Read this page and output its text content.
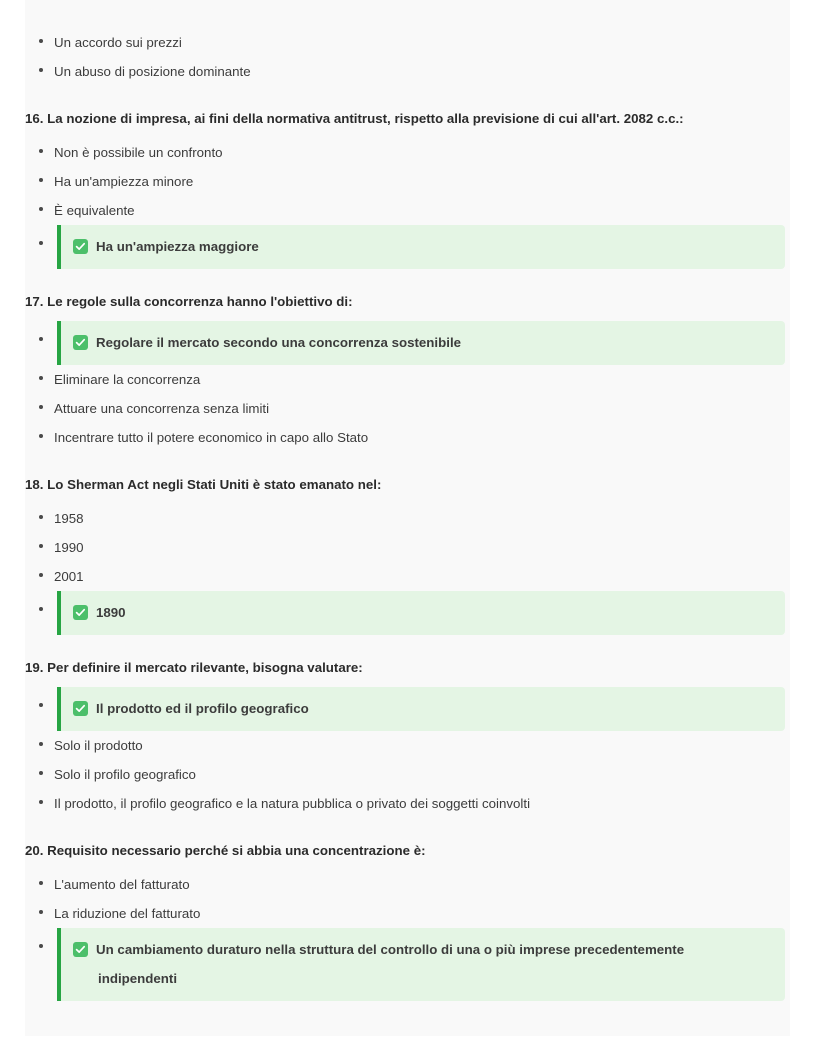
Un accordo sui prezzi
Un abuso di posizione dominante
16. La nozione di impresa, ai fini della normativa antitrust, rispetto alla previsione di cui all'art. 2082 c.c.:
Non è possibile un confronto
Ha un'ampiezza minore
È equivalente
Ha un'ampiezza maggiore
17. Le regole sulla concorrenza hanno l'obiettivo di:
Regolare il mercato secondo una concorrenza sostenibile
Eliminare la concorrenza
Attuare una concorrenza senza limiti
Incentrare tutto il potere economico in capo allo Stato
18. Lo Sherman Act negli Stati Uniti è stato emanato nel:
1958
1990
2001
1890
19. Per definire il mercato rilevante, bisogna valutare:
Il prodotto ed il profilo geografico
Solo il prodotto
Solo il profilo geografico
Il prodotto, il profilo geografico e la natura pubblica o privato dei soggetti coinvolti
20. Requisito necessario perché si abbia una concentrazione è:
L'aumento del fatturato
La riduzione del fatturato
Un cambiamento duraturo nella struttura del controllo di una o più imprese precedentemente indipendenti
